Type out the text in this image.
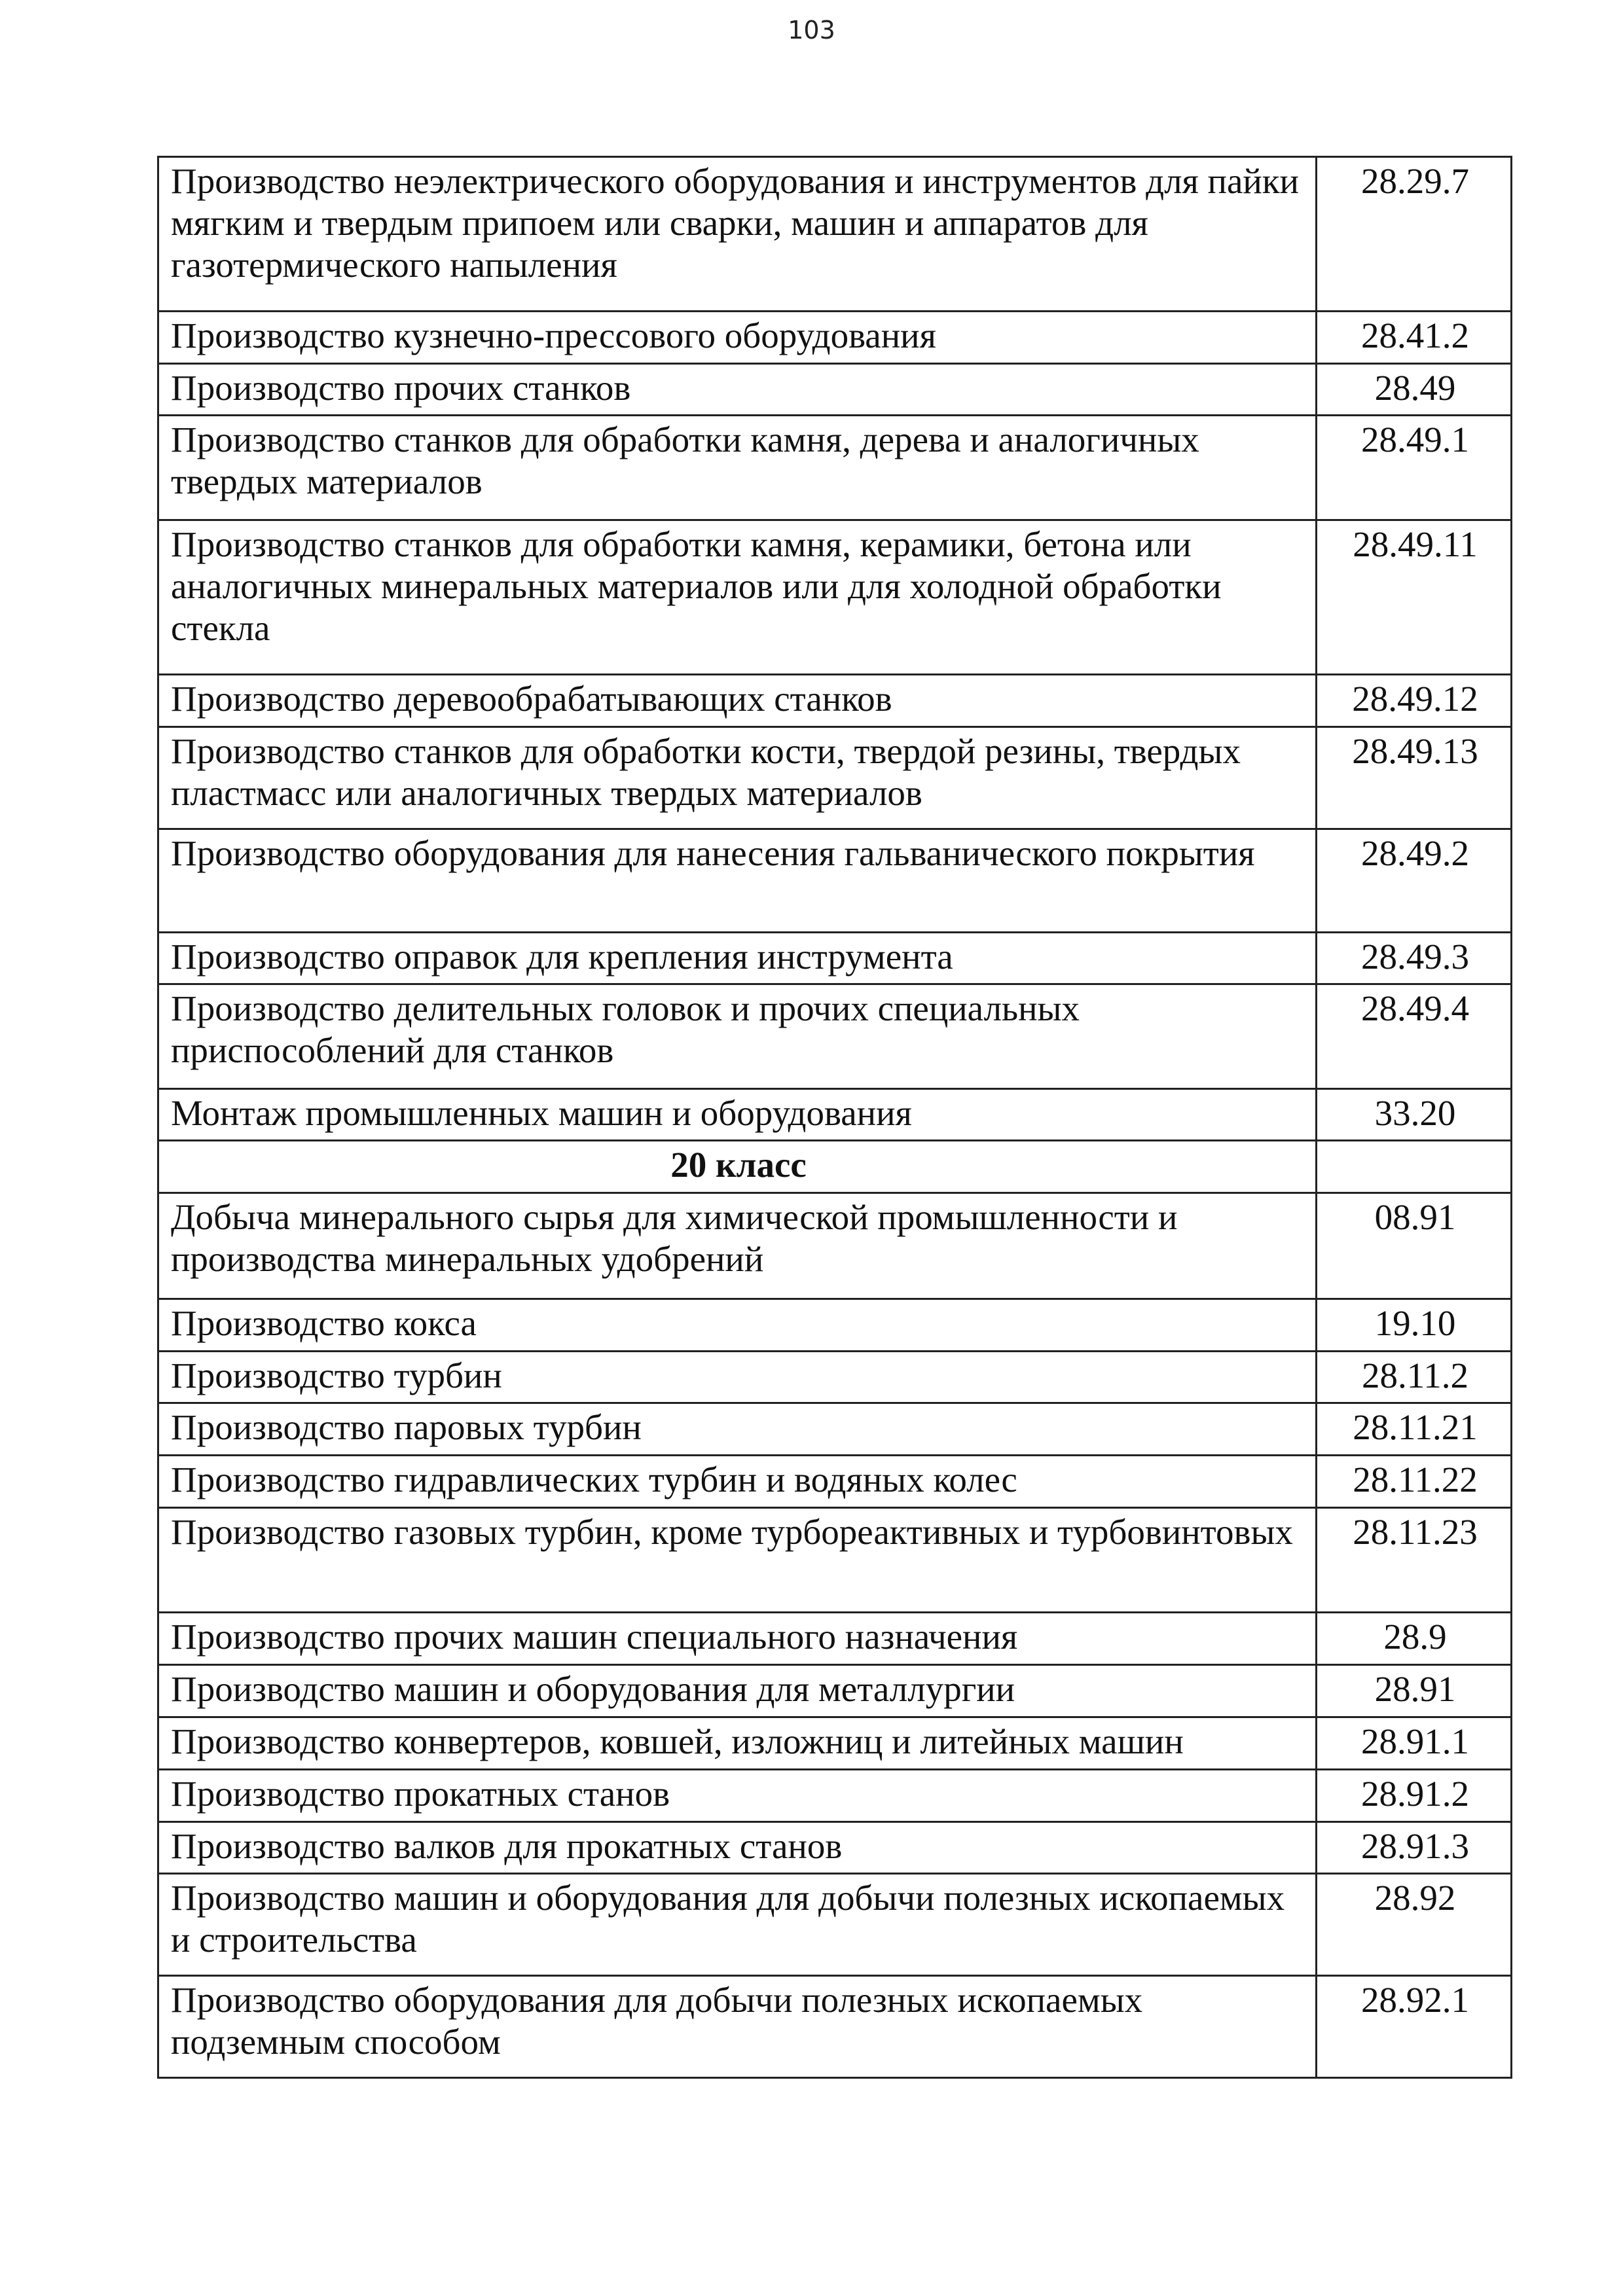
103
Производство неэлектрического оборудования и инструментов для пайки мягким и твердым припоем или сварки, машин и аппаратов для газотермического напыления	28.29.7
Производство кузнечно-прессового оборудования	28.41.2
Производство прочих станков	28.49
Производство станков для обработки камня, дерева и аналогичных твердых материалов	28.49.1
Производство станков для обработки камня, керамики, бетона или аналогичных минеральных материалов или для холодной обработки стекла	28.49.11
Производство деревообрабатывающих станков	28.49.12
Производство станков для обработки кости, твердой резины, твердых пластмасс или аналогичных твердых материалов	28.49.13
Производство оборудования для нанесения гальванического покрытия	28.49.2
Производство оправок для крепления инструмента	28.49.3
Производство делительных головок и прочих специальных приспособлений для станков	28.49.4
Монтаж промышленных машин и оборудования	33.20
20 класс	
Добыча минерального сырья для химической промышленности и производства минеральных удобрений	08.91
Производство кокса	19.10
Производство турбин	28.11.2
Производство паровых турбин	28.11.21
Производство гидравлических турбин и водяных колес	28.11.22
Производство газовых турбин, кроме турбореактивных и турбовинтовых	28.11.23
Производство прочих машин специального назначения	28.9
Производство машин и оборудования для металлургии	28.91
Производство конвертеров, ковшей, изложниц и литейных машин	28.91.1
Производство прокатных станов	28.91.2
Производство валков для прокатных станов	28.91.3
Производство машин и оборудования для добычи полезных ископаемых и строительства	28.92
Производство оборудования для добычи полезных ископаемых подземным способом	28.92.1
